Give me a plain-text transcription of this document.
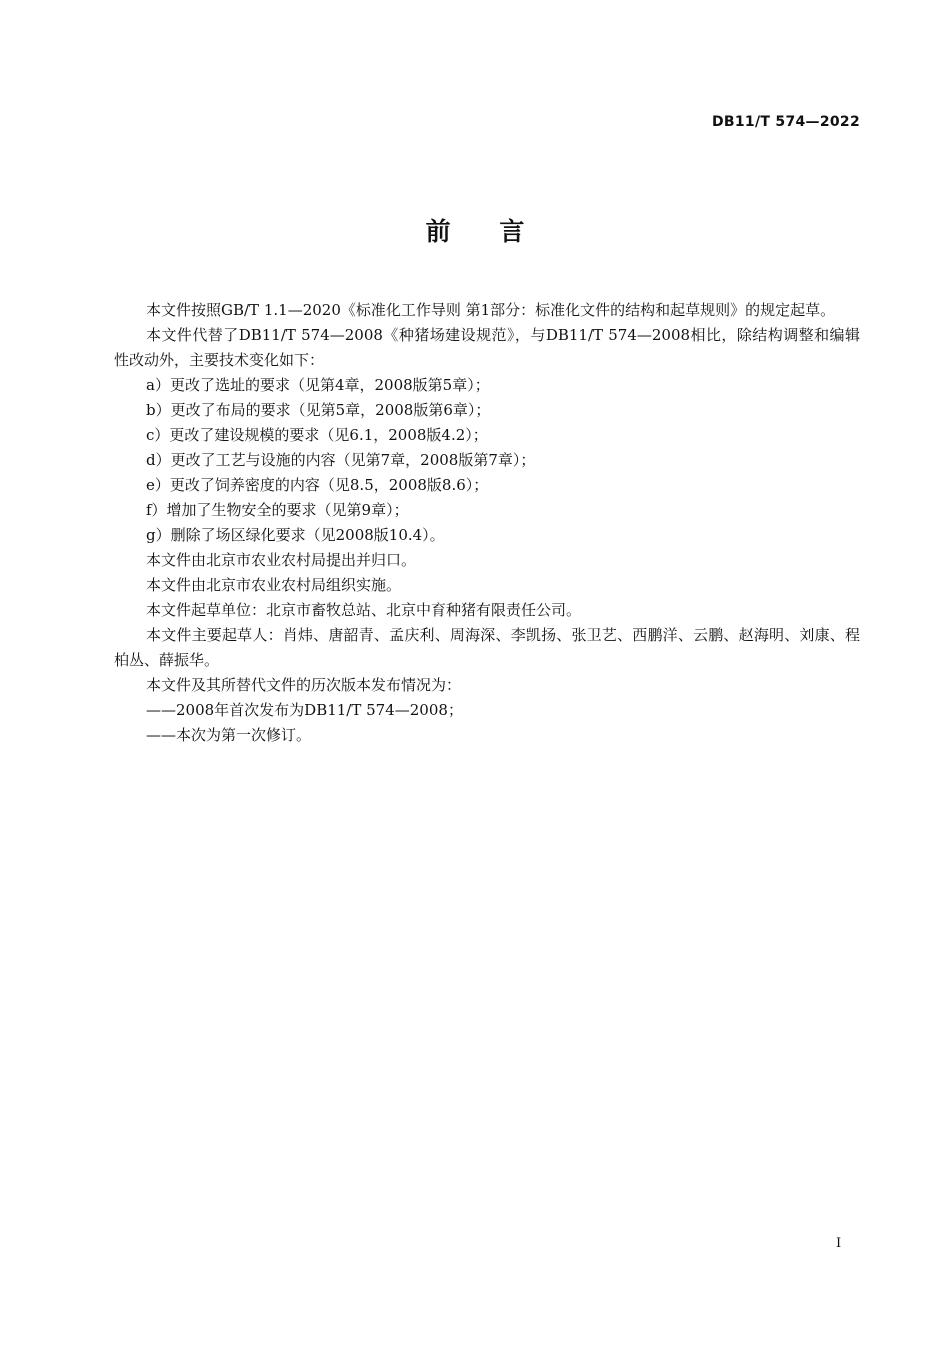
DB11/T 574—2022
前 言

本文件按照GB/T 1.1—2020《标准化工作导则 第1部分：标准化文件的结构和起草规则》的规定起草。

本文件代替了DB11/T 574—2008《种猪场建设规范》，与DB11/T 574—2008相比，除结构调整和编辑性改动外，主要技术变化如下：

a）更改了选址的要求（见第4章，2008版第5章）；

b）更改了布局的要求（见第5章，2008版第6章）；

c）更改了建设规模的要求（见6.1，2008版4.2）；

d）更改了工艺与设施的内容（见第7章，2008版第7章）；

e）更改了饲养密度的内容（见8.5，2008版8.6）；

f）增加了生物安全的要求（见第9章）；

g）删除了场区绿化要求（见2008版10.4）。

本文件由北京市农业农村局提出并归口。

本文件由北京市农业农村局组织实施。

本文件起草单位：北京市畜牧总站、北京中育种猪有限责任公司。

本文件主要起草人：肖炜、唐韶青、孟庆利、周海深、李凯扬、张卫艺、西鹏洋、云鹏、赵海明、刘康、程柏丛、薛振华。

本文件及其所替代文件的历次版本发布情况为：

——2008年首次发布为DB11/T 574—2008；

——本次为第一次修订。

I
